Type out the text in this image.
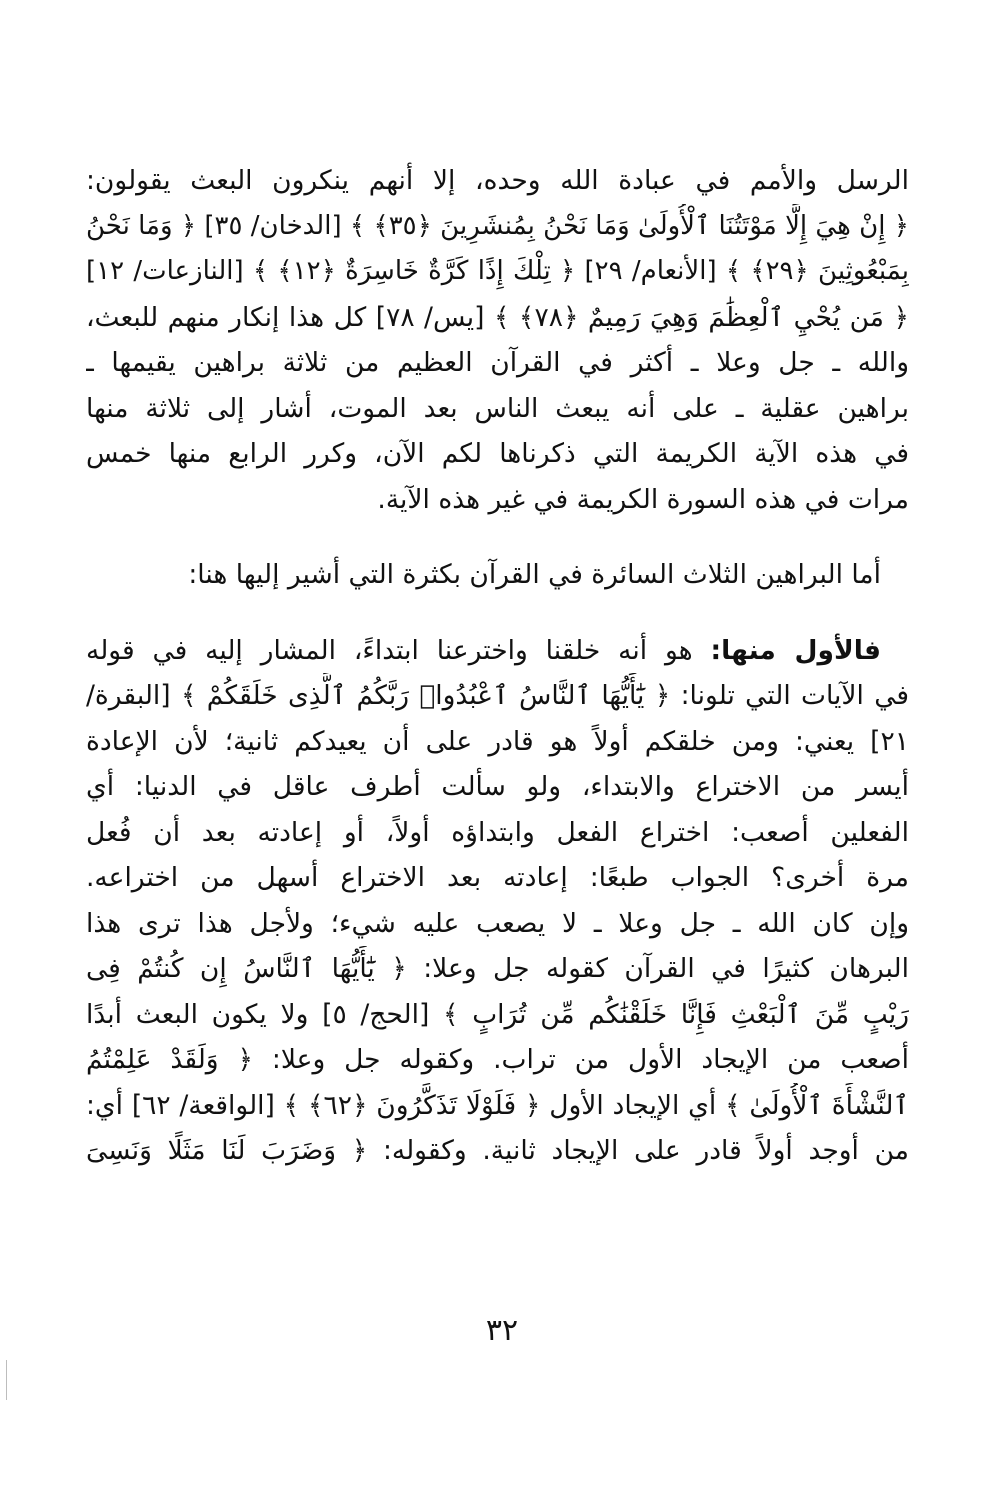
الرسل والأمم في عبادة الله وحده، إلا أنهم ينكرون البعث يقولون:
﴿ إِنْ هِيَ إِلَّا مَوْتَتُنَا ٱلْأُولَىٰ وَمَا نَحْنُ بِمُنشَرِينَ ﴿٣٥﴾ ﴾ [الدخان/ ٣٥] ﴿ وَمَا نَحْنُ
بِمَبْعُوثِينَ ﴿٢٩﴾ ﴾ [الأنعام/ ٢٩] ﴿ تِلْكَ إِذًا كَرَّةٌ خَاسِرَةٌ ﴿١٢﴾ ﴾ [النازعات/ ١٢]
﴿ مَن يُحْيِ ٱلْعِظَٰمَ وَهِيَ رَمِيمٌ ﴿٧٨﴾ ﴾ [يس/ ٧٨] كل هذا إنكار منهم للبعث،
والله ـ جل وعلا ـ أكثر في القرآن العظيم من ثلاثة براهين يقيمها ـ
براهين عقلية ـ على أنه يبعث الناس بعد الموت، أشار إلى ثلاثة منها
في هذه الآية الكريمة التي ذكرناها لكم الآن، وكرر الرابع منها خمس
مرات في هذه السورة الكريمة في غير هذه الآية.
أما البراهين الثلاث السائرة في القرآن بكثرة التي أشير إليها هنا:
فالأول منها: هو أنه خلقنا واخترعنا ابتداءً، المشار إليه في قوله
في الآيات التي تلونا: ﴿ يَٰٓأَيُّهَا ٱلنَّاسُ ٱعْبُدُوا۟ رَبَّكُمُ ٱلَّذِى خَلَقَكُمْ ﴾ [البقرة/
٢١] يعني: ومن خلقكم أولاً هو قادر على أن يعيدكم ثانية؛ لأن الإعادة
أيسر من الاختراع والابتداء، ولو سألت أطرف عاقل في الدنيا: أي
الفعلين أصعب: اختراع الفعل وابتداؤه أولاً، أو إعادته بعد أن فُعل
مرة أخرى؟ الجواب طبعًا: إعادته بعد الاختراع أسهل من اختراعه.
وإن كان الله ـ جل وعلا ـ لا يصعب عليه شيء؛ ولأجل هذا ترى هذا
البرهان كثيرًا في القرآن كقوله جل وعلا: ﴿ يَٰٓأَيُّهَا ٱلنَّاسُ إِن كُنتُمْ فِى
رَيْبٍ مِّنَ ٱلْبَعْثِ فَإِنَّا خَلَقْنَٰكُم مِّن تُرَابٍ ﴾ [الحج/ ٥] ولا يكون البعث أبدًا
أصعب من الإيجاد الأول من تراب. وكقوله جل وعلا: ﴿ وَلَقَدْ عَلِمْتُمُ
ٱلنَّشْأَةَ ٱلْأُولَىٰ ﴾ أي الإيجاد الأول ﴿ فَلَوْلَا تَذَكَّرُونَ ﴿٦٢﴾ ﴾ [الواقعة/ ٦٢] أي:
من أوجد أولاً قادر على الإيجاد ثانية. وكقوله: ﴿ وَضَرَبَ لَنَا مَثَلًا وَنَسِىَ
٣٢
